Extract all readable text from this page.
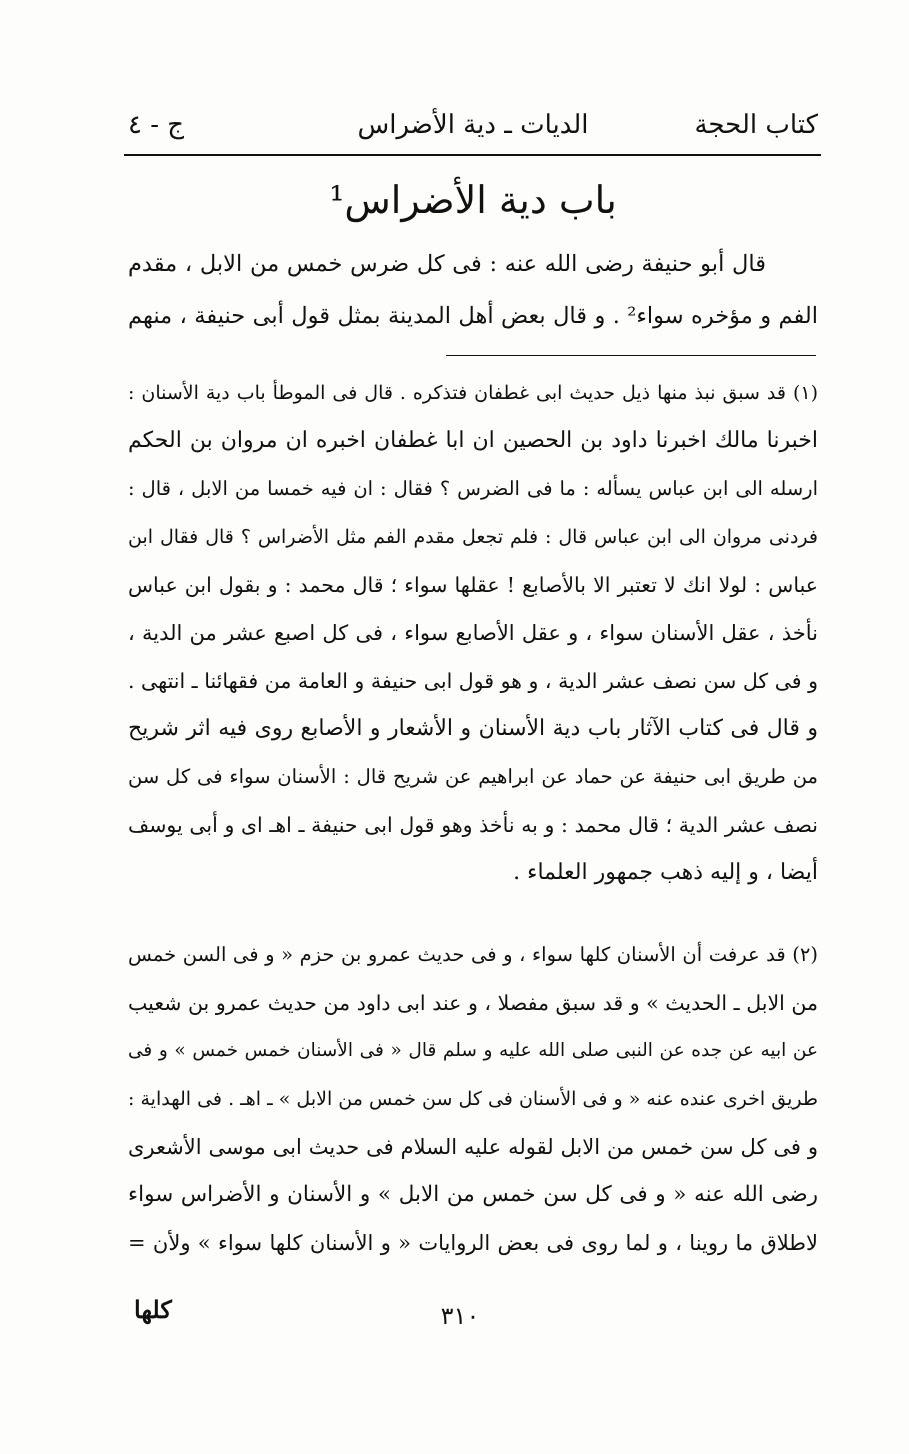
كتاب الحجة
الديات ـ دية الأضراس
ج - ٤
باب دية الأضراس¹
قال أبو حنيفة رضى الله عنه : فى كل ضرس خمس من الابل ، مقدم
الفم و مؤخره سواء² . و قال بعض أهل المدينة بمثل قول أبى حنيفة ، منهم
(١) قد سبق نبذ منها ذيل حديث ابى غطفان فتذكره . قال فى الموطأ باب دية الأسنان :
اخبرنا مالك اخبرنا داود بن الحصين ان ابا غطفان اخبره ان مروان بن الحكم
ارسله الى ابن عباس يسأله : ما فى الضرس ؟ فقال : ان فيه خمسا من الابل ، قال :
فردنى مروان الى ابن عباس قال : فلم تجعل مقدم الفم مثل الأضراس ؟ قال فقال ابن
عباس : لولا انك لا تعتبر الا بالأصابع ! عقلها سواء ؛ قال محمد : و بقول ابن عباس
نأخذ ، عقل الأسنان سواء ، و عقل الأصابع سواء ، فى كل اصبع عشر من الدية ،
و فى كل سن نصف عشر الدية ، و هو قول ابى حنيفة و العامة من فقهائنا ـ انتهى .
و قال فى كتاب الآثار باب دية الأسنان و الأشعار و الأصابع روى فيه اثر شريح
من طريق ابى حنيفة عن حماد عن ابراهيم عن شريح قال : الأسنان سواء فى كل سن
نصف عشر الدية ؛ قال محمد : و به نأخذ وهو قول ابى حنيفة ـ اهـ اى و أبى يوسف
أيضا ، و إليه ذهب جمهور العلماء .
(٢) قد عرفت أن الأسنان كلها سواء ، و فى حديث عمرو بن حزم « و فى السن خمس
من الابل ـ الحديث » و قد سبق مفصلا ، و عند ابى داود من حديث عمرو بن شعيب
عن ابيه عن جده عن النبى صلى الله عليه و سلم قال « فى الأسنان خمس خمس » و فى
طريق اخرى عنده عنه « و فى الأسنان فى كل سن خمس من الابل » ـ اهـ . فى الهداية :
و فى كل سن خمس من الابل لقوله عليه السلام فى حديث ابى موسى الأشعرى
رضى الله عنه « و فى كل سن خمس من الابل » و الأسنان و الأضراس سواء
لاطلاق ما روينا ، و لما روى فى بعض الروايات « و الأسنان كلها سواء » ولأن =
٣١٠
كلها
